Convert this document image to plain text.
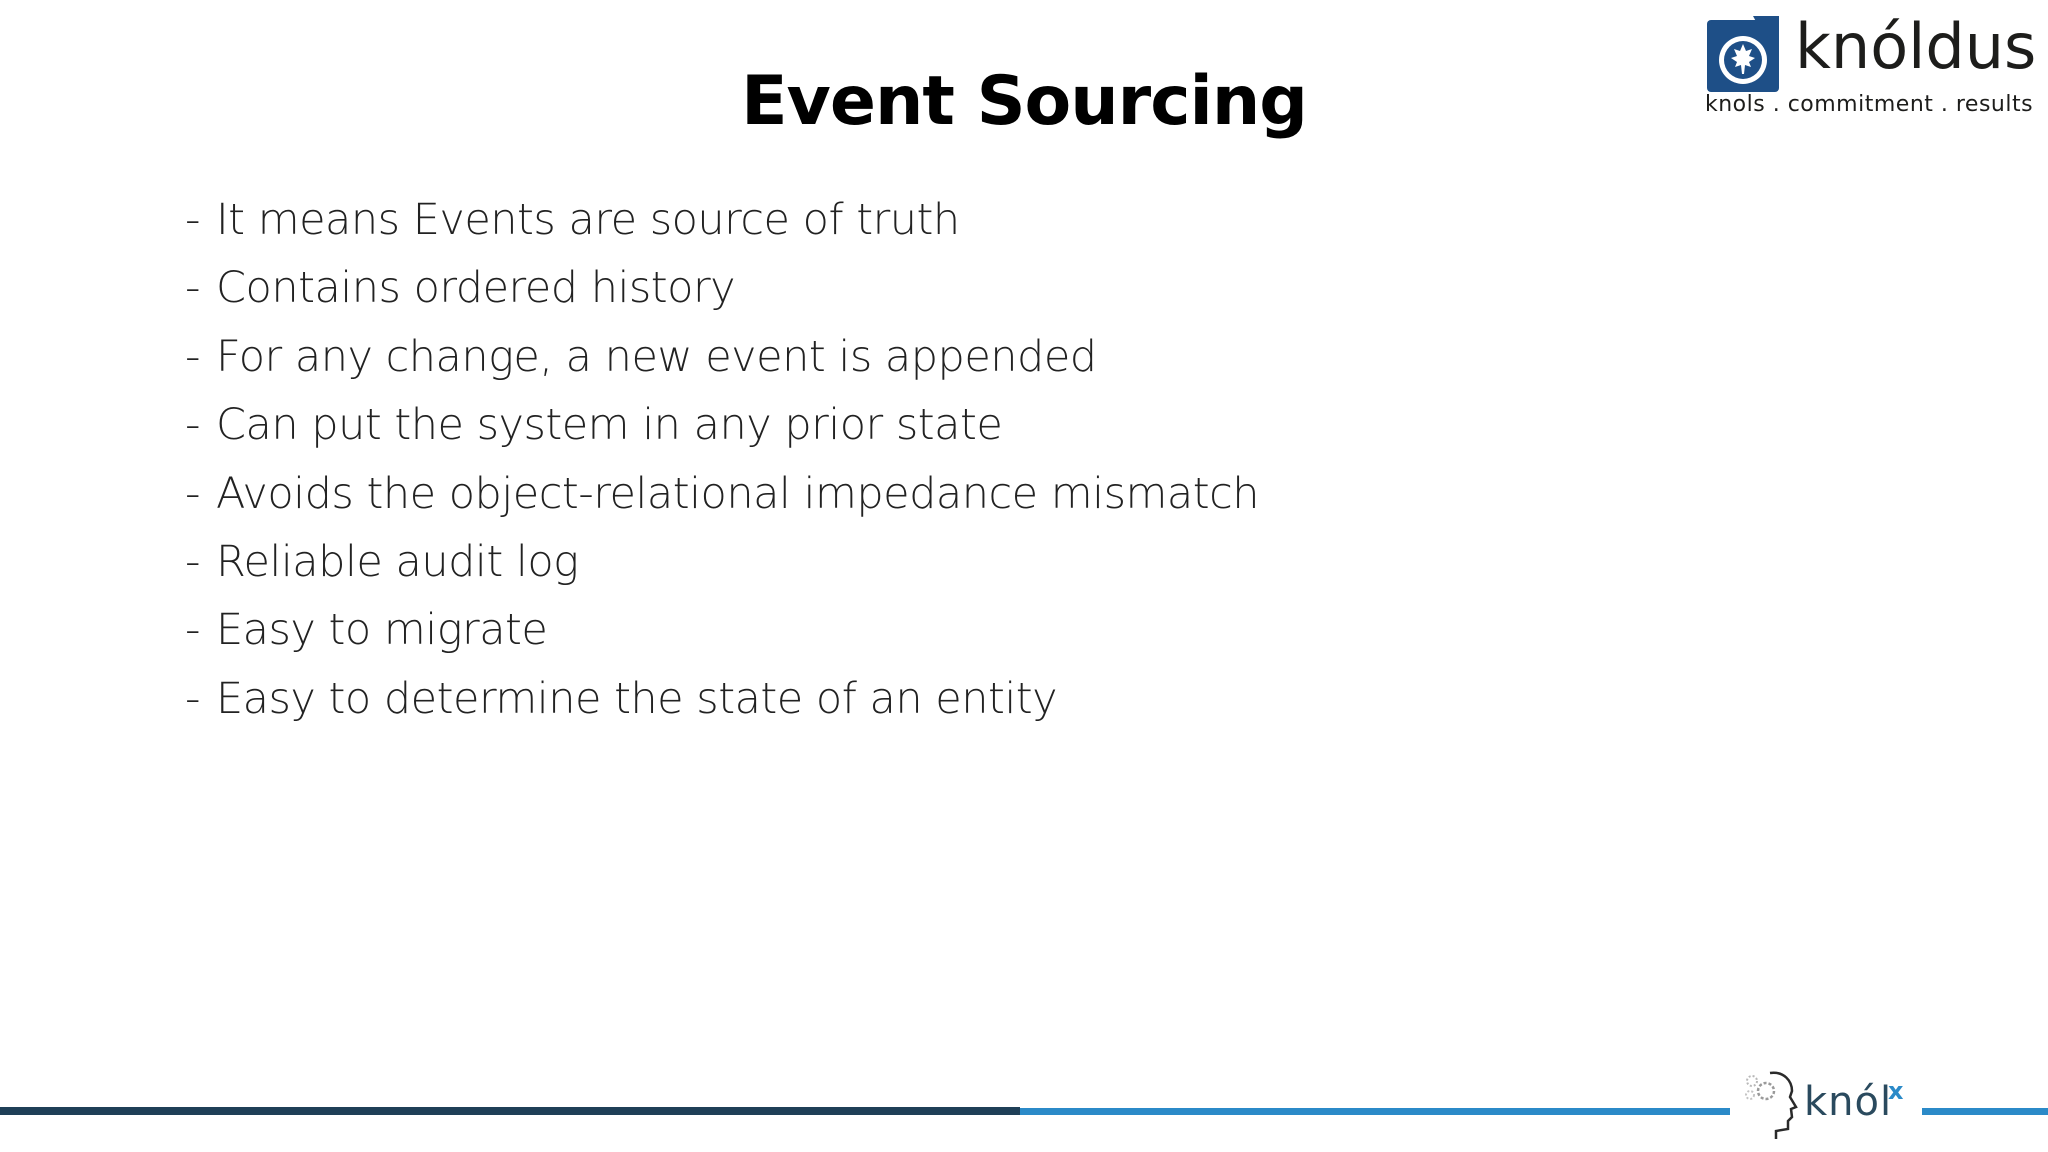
Event Sourcing
- It means Events are source of truth
- Contains ordered history
- For any change, a new event is appended
- Can put the system in any prior state
- Avoids the object-relational impedance mismatch
- Reliable audit log
- Easy to migrate
- Easy to determine the state of an entity
knóldus
knols . commitment . results
knól
x
